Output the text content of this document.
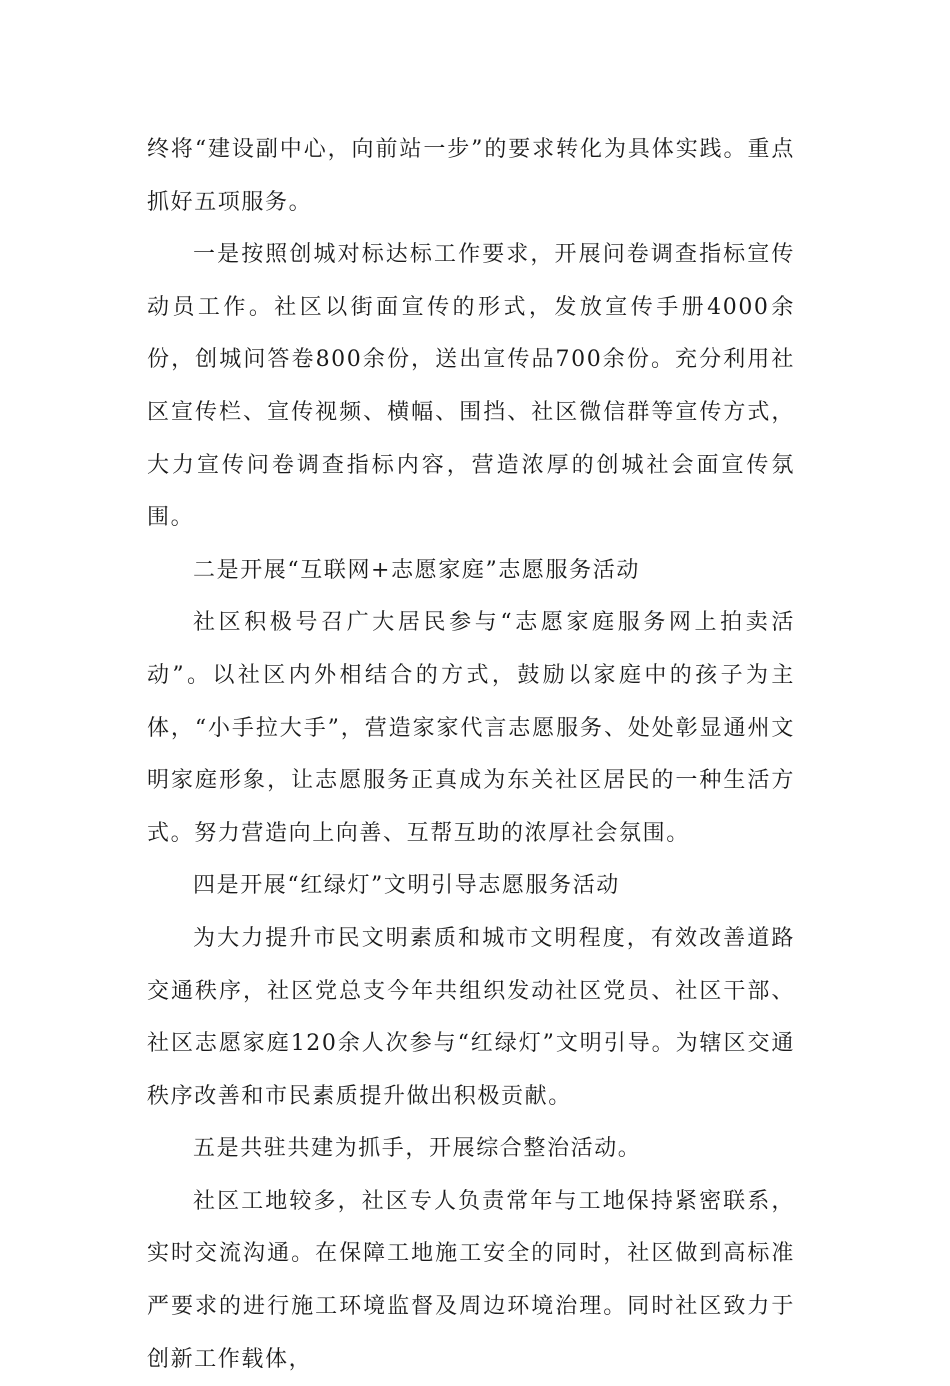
终将“建设副中心，向前站一步”的要求转化为具体实践。重点抓好五项服务。

一是按照创城对标达标工作要求，开展问卷调查指标宣传动员工作。社区以街面宣传的形式，发放宣传手册4000余份，创城问答卷800余份，送出宣传品700余份。充分利用社区宣传栏、宣传视频、横幅、围挡、社区微信群等宣传方式，大力宣传问卷调查指标内容，营造浓厚的创城社会面宣传氛围。

二是开展“互联网+志愿家庭”志愿服务活动

社区积极号召广大居民参与“志愿家庭服务网上拍卖活动”。以社区内外相结合的方式，鼓励以家庭中的孩子为主体，“小手拉大手”，营造家家代言志愿服务、处处彰显通州文明家庭形象，让志愿服务正真成为东关社区居民的一种生活方式。努力营造向上向善、互帮互助的浓厚社会氛围。

四是开展“红绿灯”文明引导志愿服务活动

为大力提升市民文明素质和城市文明程度，有效改善道路交通秩序，社区党总支今年共组织发动社区党员、社区干部、社区志愿家庭120余人次参与“红绿灯”文明引导。为辖区交通秩序改善和市民素质提升做出积极贡献。

五是共驻共建为抓手，开展综合整治活动。

社区工地较多，社区专人负责常年与工地保持紧密联系，实时交流沟通。在保障工地施工安全的同时，社区做到高标准严要求的进行施工环境监督及周边环境治理。同时社区致力于创新工作载体，
